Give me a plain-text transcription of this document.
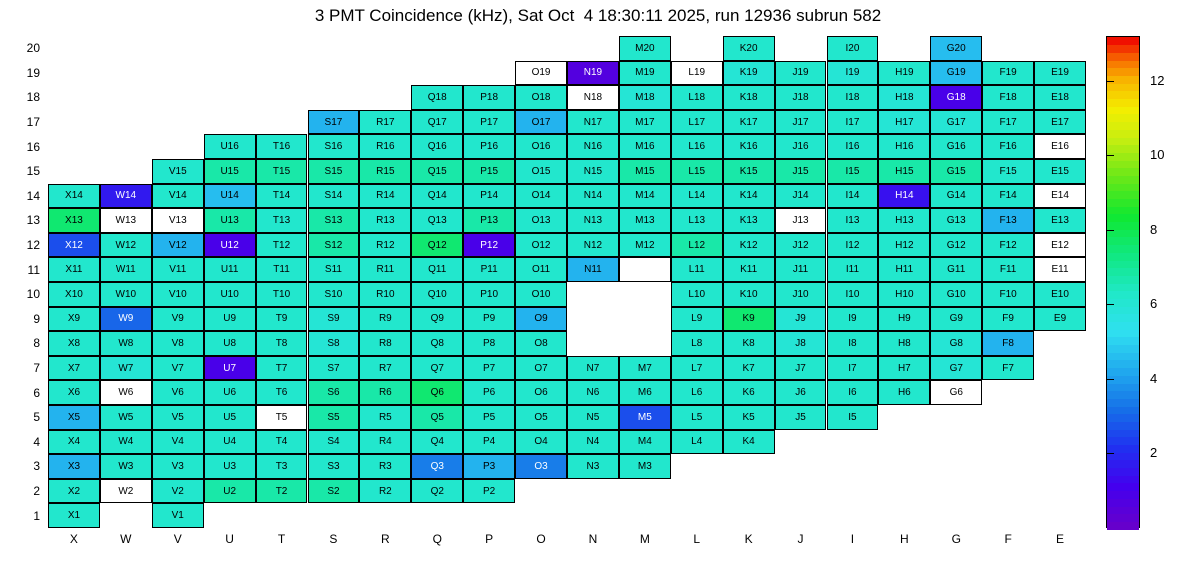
3 PMT Coincidence (kHz), Sat Oct  4 18:30:11 2025, run 12936 subrun 582
20
19
18
17
16
15
14
13
12
11
10
9
8
7
6
5
4
3
2
1
M20	K20	I20	G20
O19	N19	M19	L19	K19	J19	I19	H19	G19	F19	E19
Q18	P18	O18	N18	M18	L18	K18	J18	I18	H18	G18	F18	E18
S17	R17	Q17	P17	O17	N17	M17	L17	K17	J17	I17	H17	G17	F17	E17
U16	T16	S16	R16	Q16	P16	O16	N16	M16	L16	K16	J16	I16	H16	G16	F16	E16
V15	U15	T15	S15	R15	Q15	P15	O15	N15	M15	L15	K15	J15	I15	H15	G15	F15	E15
X14	W14	V14	U14	T14	S14	R14	Q14	P14	O14	N14	M14	L14	K14	J14	I14	H14	G14	F14	E14
X13	W13	V13	U13	T13	S13	R13	Q13	P13	O13	N13	M13	L13	K13	J13	I13	H13	G13	F13	E13
X12	W12	V12	U12	T12	S12	R12	Q12	P12	O12	N12	M12	L12	K12	J12	I12	H12	G12	F12	E12
X11	W11	V11	U11	T11	S11	R11	Q11	P11	O11	N11	L11	K11	J11	I11	H11	G11	F11	E11
X10	W10	V10	U10	T10	S10	R10	Q10	P10	O10	L10	K10	J10	I10	H10	G10	F10	E10
X9	W9	V9	U9	T9	S9	R9	Q9	P9	O9	L9	K9	J9	I9	H9	G9	F9	E9
X8	W8	V8	U8	T8	S8	R8	Q8	P8	O8	L8	K8	J8	I8	H8	G8	F8
X7	W7	V7	U7	T7	S7	R7	Q7	P7	O7	N7	M7	L7	K7	J7	I7	H7	G7	F7
X6	W6	V6	U6	T6	S6	R6	Q6	P6	O6	N6	M6	L6	K6	J6	I6	H6	G6
X5	W5	V5	U5	T5	S5	R5	Q5	P5	O5	N5	M5	L5	K5	J5	I5
X4	W4	V4	U4	T4	S4	R4	Q4	P4	O4	N4	M4	L4	K4
X3	W3	V3	U3	T3	S3	R3	Q3	P3	O3	N3	M3
X2	W2	V2	U2	T2	S2	R2	Q2	P2
X1	V1
X	W	V	U	T	S	R	Q	P	O	N	M	L	K	J	I	H	G	F	E
2
4
6
8
10
12
